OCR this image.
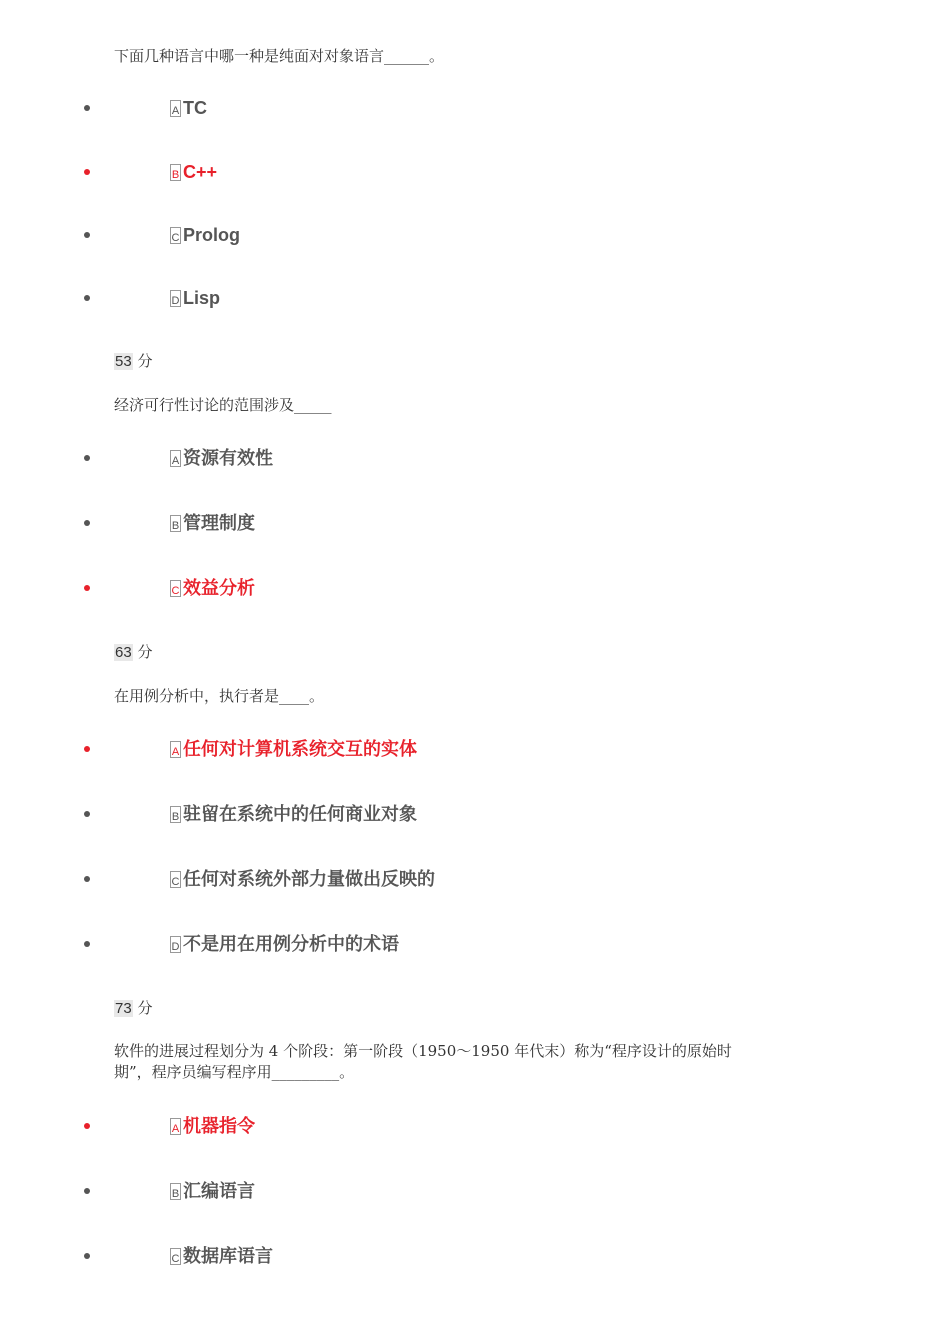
下面几种语言中哪一种是纯面对对象语言______。
A TC
B C++
C Prolog
D Lisp
53 分
经济可行性讨论的范围涉及_____
A 资源有效性
B 管理制度
C 效益分析
63 分
在用例分析中，执行者是____。
A 任何对计算机系统交互的实体
B 驻留在系统中的任何商业对象
C 任何对系统外部力量做出反映的
D 不是用在用例分析中的术语
73 分
软件的进展过程划分为 4 个阶段：第一阶段（1950～1950 年代末）称为“程序设计的原始时
期”，程序员编写程序用_________。
A 机器指令
B 汇编语言
C 数据库语言
